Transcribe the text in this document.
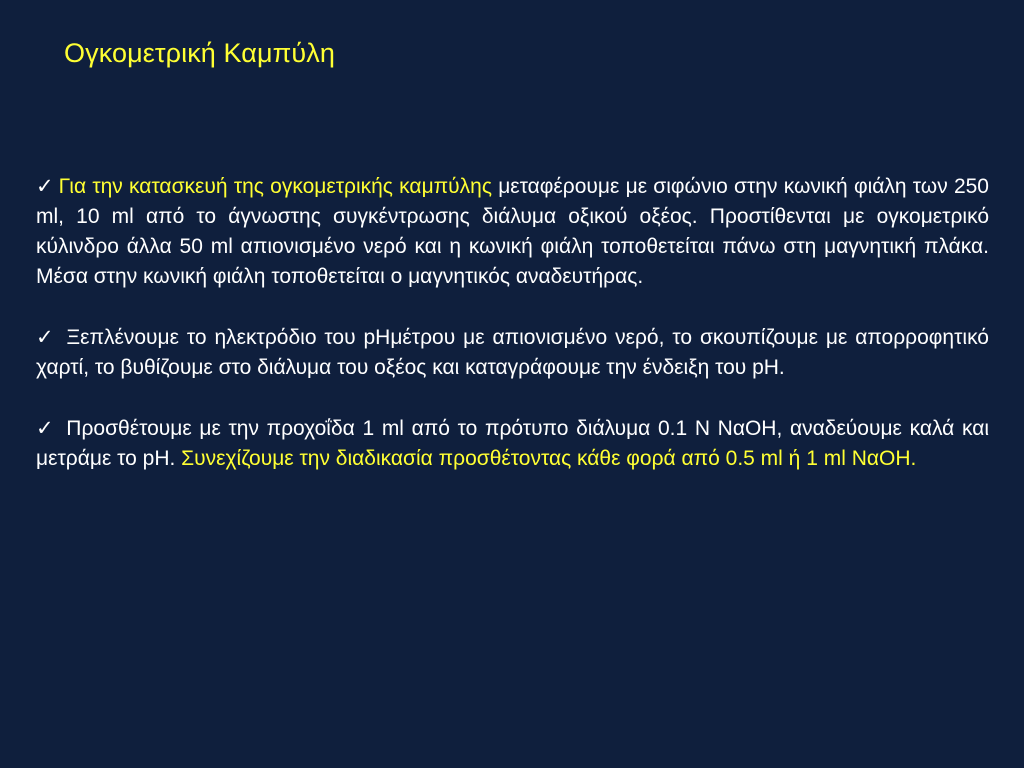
Ογκομετρική Καμπύλη

✓ Για την κατασκευή της ογκομετρικής καμπύλης μεταφέρουμε με σιφώνιο στην κωνική φιάλη των 250 ml, 10 ml από το άγνωστης συγκέντρωσης διάλυμα οξικού οξέος. Προστίθενται με ογκομετρικό κύλινδρο άλλα 50 ml απιονισμένο νερό και η κωνική φιάλη τοποθετείται πάνω στη μαγνητική πλάκα. Μέσα στην κωνική φιάλη τοποθετείται ο μαγνητικός αναδευτήρας.

✓ Ξεπλένουμε το ηλεκτρόδιο του pHμέτρου με απιονισμένο νερό, το σκουπίζουμε με απορροφητικό χαρτί, το βυθίζουμε στο διάλυμα του οξέος και καταγράφουμε την ένδειξη του pH.

✓ Προσθέτουμε με την προχοΐδα 1 ml από το πρότυπο διάλυμα 0.1 Ν ΝαΟΗ, αναδεύουμε καλά και μετράμε το pH. Συνεχίζουμε την διαδικασία προσθέτοντας κάθε φορά από 0.5 ml ή 1 ml ΝαΟΗ.
